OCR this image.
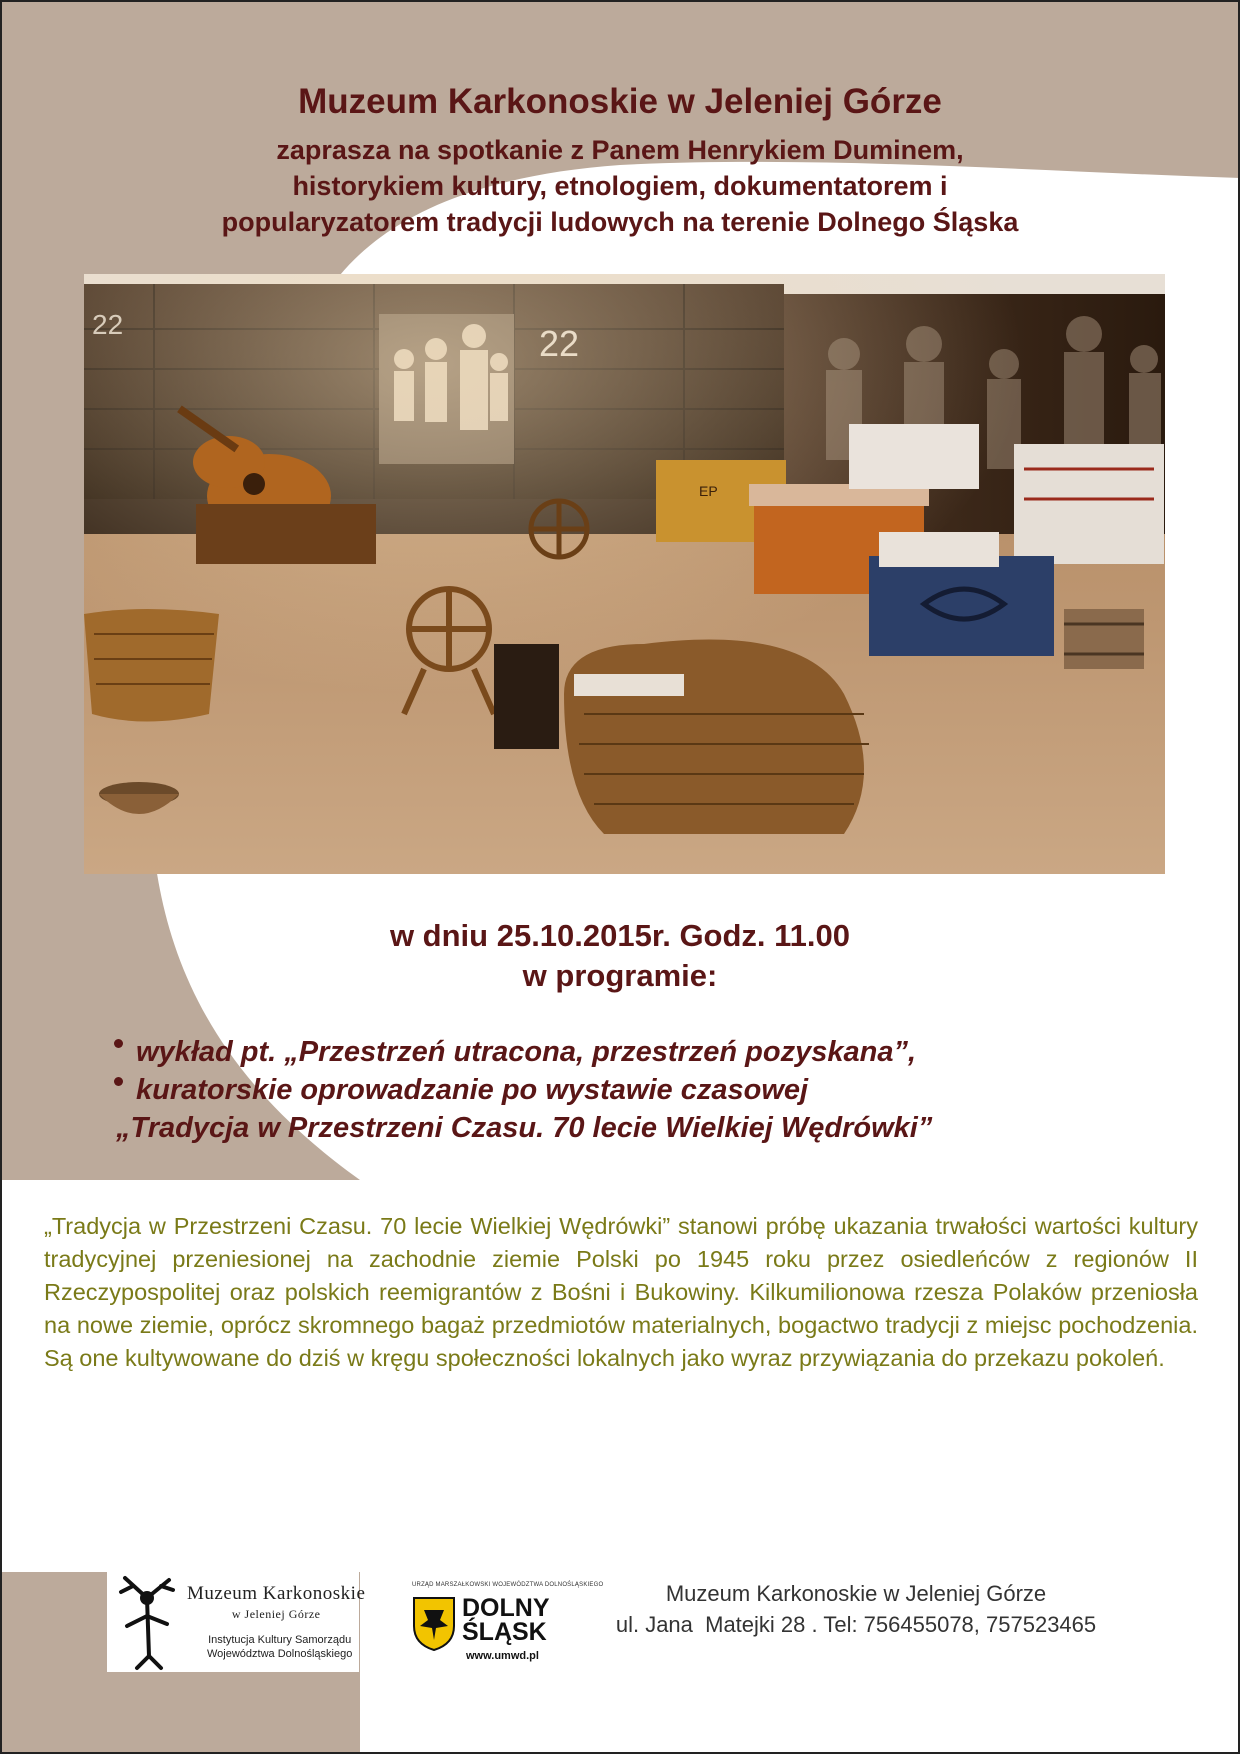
Muzeum Karkonoskie w Jeleniej Górze
zaprasza na spotkanie z Panem Henrykiem Duminem,
historykiem kultury, etnologiem, dokumentatorem i
popularyzatorem tradycji ludowych na terenie Dolnego Śląska
EP

w dniu 25.10.2015r. Godz. 11.00

w programie:

wykład pt. „Przestrzeń utracona, przestrzeń pozyskana”,
kuratorskie oprowadzanie po wystawie czasowej
„Tradycja w Przestrzeni Czasu. 70 lecie Wielkiej Wędrówki”

„Tradycja w Przestrzeni Czasu. 70 lecie Wielkiej Wędrówki” stanowi próbę ukazania trwałości wartości kultury tradycyjnej przeniesionej na zachodnie ziemie Polski po 1945 roku przez osiedleńców z regionów II Rzeczypospolitej oraz polskich reemigrantów z Bośni i Bukowiny. Kilkumilionowa rzesza Polaków przeniosła na nowe ziemie, oprócz skromnego bagaż przedmiotów materialnych, bogactwo tradycji z miejsc pochodzenia. Są one kultywowane do dziś w kręgu społeczności lokalnych jako wyraz przywiązania do przekazu pokoleń.

Muzeum Karkonoskie
w Jeleniej Górze
Instytucja Kultury Samorządu
Województwa Dolnośląskiego
URZĄD MARSZAŁKOWSKI WOJEWÓDZTWA DOLNOŚLĄSKIEGO
DOLNY
ŚLĄSK
www.umwd.pl

Muzeum Karkonoskie w Jeleniej Górze

ul. Jana  Matejki 28 . Tel: 756455078, 757523465
